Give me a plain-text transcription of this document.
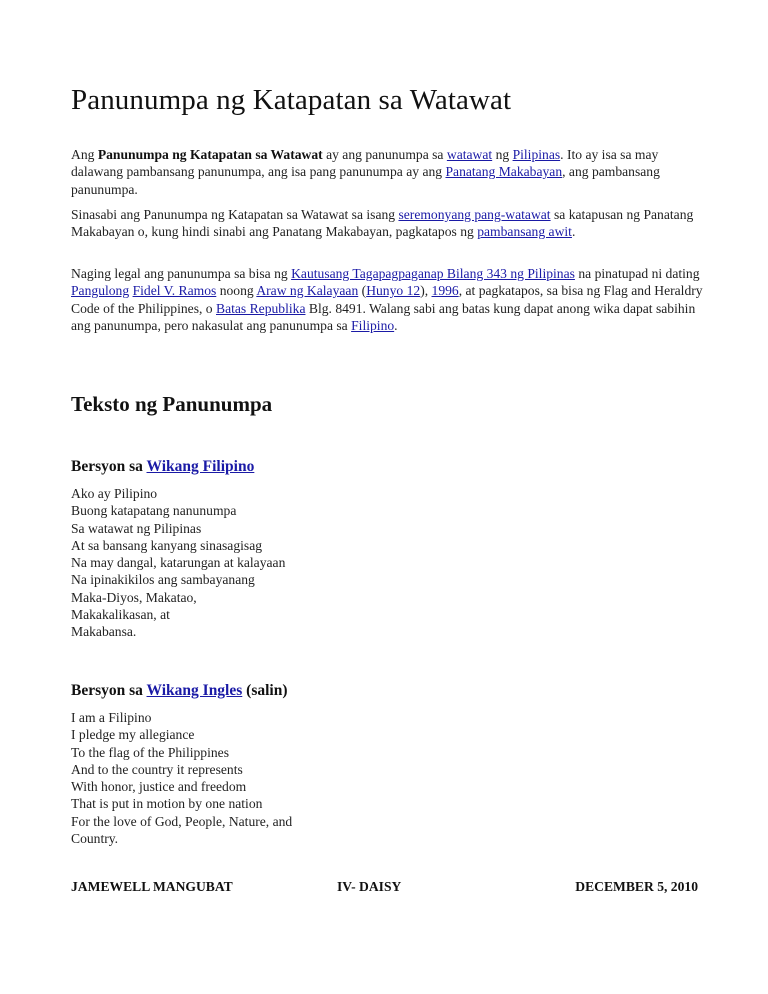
Panunumpa ng Katapatan sa Watawat

Ang Panunumpa ng Katapatan sa Watawat ay ang panunumpa sa watawat ng Pilipinas. Ito ay isa sa may dalawang pambansang panunumpa, ang isa pang panunumpa ay ang Panatang Makabayan, ang pambansang panunumpa.

Sinasabi ang Panunumpa ng Katapatan sa Watawat sa isang seremonyang pang-watawat sa katapusan ng Panatang Makabayan o, kung hindi sinabi ang Panatang Makabayan, pagkatapos ng pambansang awit.

Naging legal ang panunumpa sa bisa ng Kautusang Tagapagpaganap Bilang 343 ng Pilipinas na pinatupad ni dating Pangulong Fidel V. Ramos noong Araw ng Kalayaan (Hunyo 12), 1996, at pagkatapos, sa bisa ng Flag and Heraldry Code of the Philippines, o Batas Republika Blg. 8491. Walang sabi ang batas kung dapat anong wika dapat sabihin ang panunumpa, pero nakasulat ang panunumpa sa Filipino.

Teksto ng Panunumpa
Bersyon sa Wikang Filipino
Ako ay Pilipino
Buong katapatang nanunumpa
Sa watawat ng Pilipinas
At sa bansang kanyang sinasagisag
Na may dangal, katarungan at kalayaan
Na ipinakikilos ang sambayanang
Maka-Diyos, Makatao,
Makakalikasan, at
Makabansa.
Bersyon sa Wikang Ingles (salin)
I am a Filipino
I pledge my allegiance
To the flag of the Philippines
And to the country it represents
With honor, justice and freedom
That is put in motion by one nation
For the love of God, People, Nature, and
Country.
JAMEWELL MANGUBAT	IV- DAISY	DECEMBER 5, 2010
